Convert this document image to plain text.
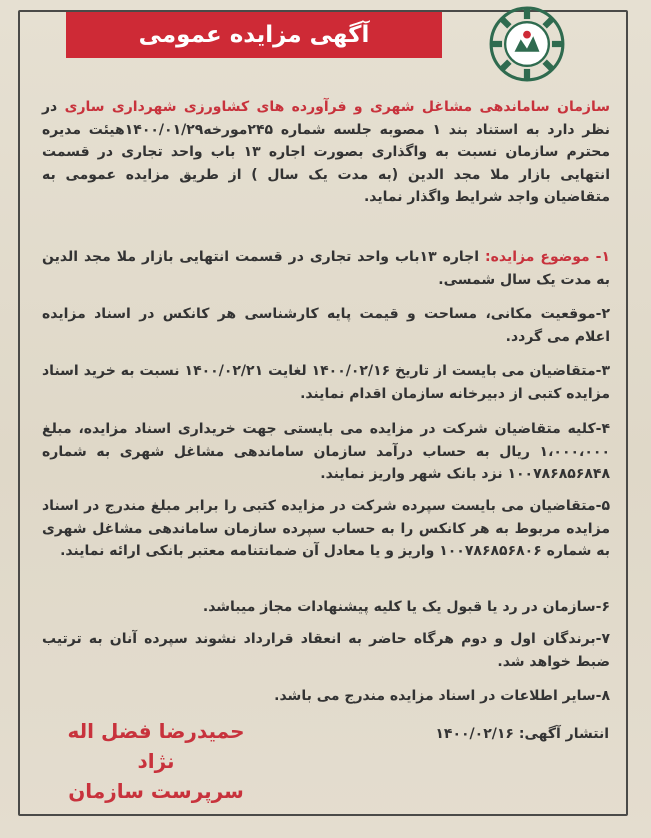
آگهی مزایده عمومی
سازمان ساماندهی مشاغل شهری و فرآورده های کشاورزی شهرداری ساری در نظر دارد به استناد بند ۱ مصوبه جلسه شماره ۲۴۵مورخه۱۴۰۰/۰۱/۲۹هیئت مدیره محترم سازمان نسبت به واگذاری بصورت اجاره ۱۳ باب واحد تجاری در قسمت انتهایی بازار ملا مجد الدین (به مدت یک سال ) از طریق مزایده عمومی به متقاضیان واجد شرایط واگذار نماید.
۱- موضوع مزایده: اجاره ۱۳باب واحد تجاری در قسمت انتهایی بازار ملا مجد الدین به مدت یک سال شمسی.
۲-موقعیت مکانی، مساحت و قیمت پایه کارشناسی هر کانکس در اسناد مزایده اعلام می گردد.
۳-متقاضیان می بایست از تاریخ ۱۴۰۰/۰۲/۱۶ لغایت ۱۴۰۰/۰۲/۲۱ نسبت به خرید اسناد مزایده کتبی از دبیرخانه سازمان اقدام نمایند.
۴-کلیه متقاضیان شرکت در مزایده می بایستی جهت خریداری اسناد مزایده، مبلغ ۱،۰۰۰،۰۰۰ ریال به حساب درآمد سازمان ساماندهی مشاغل شهری به شماره ۱۰۰۷۸۶۸۵۶۸۴۸ نزد بانک شهر واریز نمایند.
۵-متقاضیان می بایست سپرده شرکت در مزایده کتبی را برابر مبلغ مندرج در اسناد مزایده مربوط به هر کانکس را به حساب سپرده سازمان ساماندهی مشاغل شهری به شماره ۱۰۰۷۸۶۸۵۶۸۰۶ واریز و یا معادل آن ضمانتنامه معتبر بانکی ارائه نمایند.
۶-سازمان در رد یا قبول یک یا کلیه پیشنهادات مجاز میباشد.
۷-برندگان اول و دوم هرگاه حاضر به انعقاد قرارداد نشوند سپرده آنان به ترتیب ضبط خواهد شد.
۸-سایر اطلاعات در اسناد مزایده مندرج می باشد.
انتشار آگهی: ۱۴۰۰/۰۲/۱۶
حمیدرضا فضل اله نژاد
سرپرست سازمان
